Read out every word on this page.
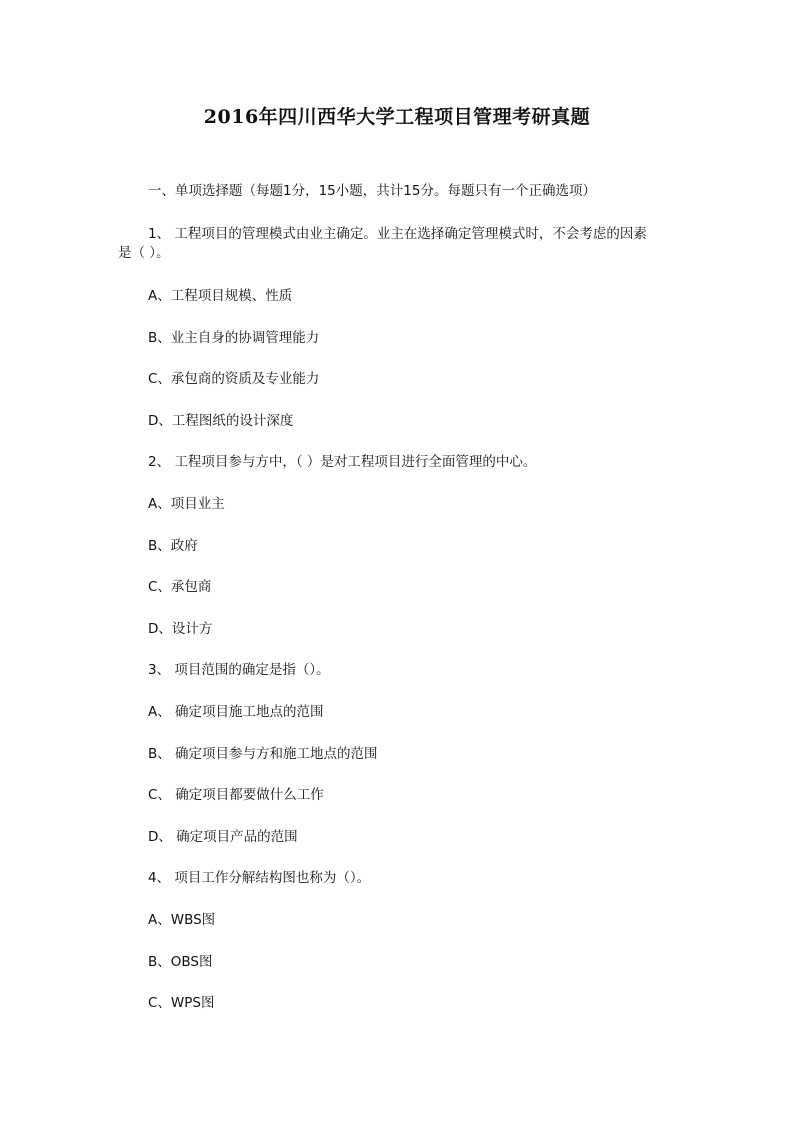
2016年四川西华大学工程项目管理考研真题
一、单项选择题（每题1分，15小题，共计15分。每题只有一个正确选项）
1、 工程项目的管理模式由业主确定。业主在选择确定管理模式时，不会考虑的因素
是（ ）。
A、工程项目规模、性质
B、业主自身的协调管理能力
C、承包商的资质及专业能力
D、工程图纸的设计深度
2、 工程项目参与方中，（ ）是对工程项目进行全面管理的中心。
A、项目业主
B、政府
C、承包商
D、设计方
3、 项目范围的确定是指（）。
A、 确定项目施工地点的范围
B、 确定项目参与方和施工地点的范围
C、 确定项目都要做什么工作
D、 确定项目产品的范围
4、 项目工作分解结构图也称为（）。
A、WBS图
B、OBS图
C、WPS图
